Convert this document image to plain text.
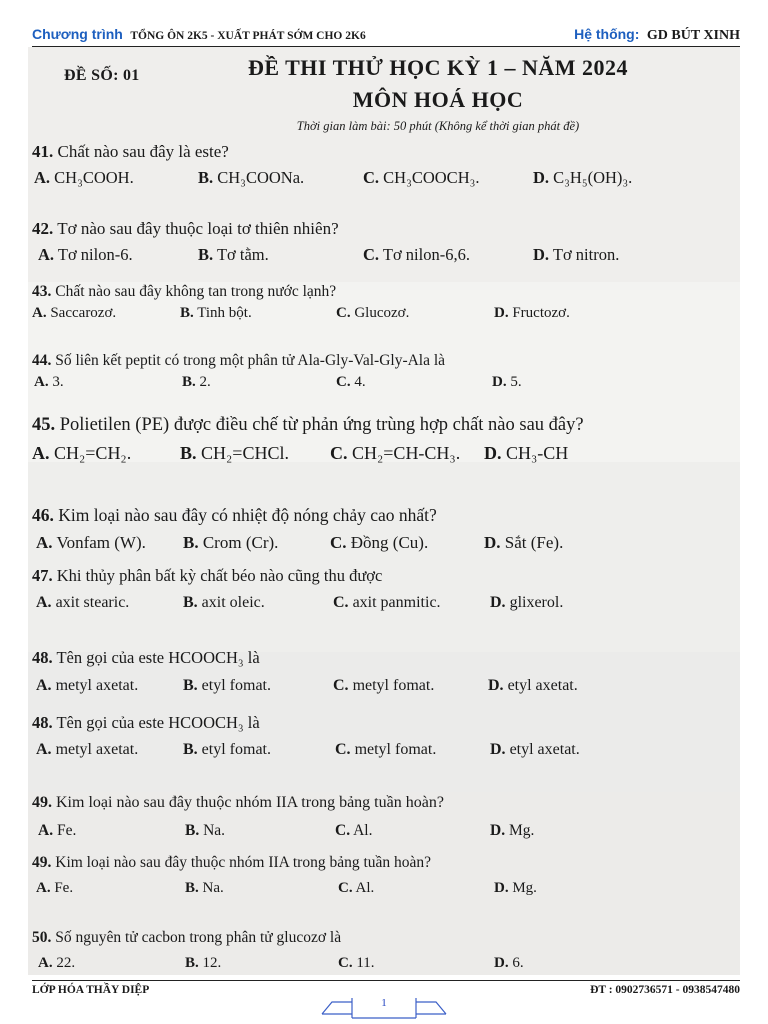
Chương trình TỔNG ÔN 2K5 - XUẤT PHÁT SỚM CHO 2K6	Hệ thống: GD BÚT XINH
ĐỀ SỐ: 01	ĐỀ THI THỬ HỌC KỲ 1 – NĂM 2024
MÔN HOÁ HỌC
Thời gian làm bài: 50 phút (Không kể thời gian phát đề)
41. Chất nào sau đây là este?
A. CH₃COOH.	B. CH₃COONa.	C. CH₃COOCH₃.	D. C₃H₅(OH)₃.
42. Tơ nào sau đây thuộc loại tơ thiên nhiên?
A. Tơ nilon-6.	B. Tơ tằm.	C. Tơ nilon-6,6.	D. Tơ nitron.
43. Chất nào sau đây không tan trong nước lạnh?
A. Saccarozơ.	B. Tinh bột.	C. Glucozơ.	D. Fructozơ.
44. Số liên kết peptit có trong một phân tử Ala-Gly-Val-Gly-Ala là
A. 3.	B. 2.	C. 4.	D. 5.
45. Polietilen (PE) được điều chế từ phản ứng trùng hợp chất nào sau đây?
A. CH₂=CH₂.	B. CH₂=CHCl. C. CH₂=CH-CH₃. D. CH₃-CH
46. Kim loại nào sau đây có nhiệt độ nóng chảy cao nhất?
A. Vonfam (W). B. Crom (Cr).	C. Đồng (Cu).	D. Sắt (Fe).
47. Khi thủy phân bất kỳ chất béo nào cũng thu được
A. axit stearic.	B. axit oleic.	C. axit panmitic.	D. glixerol.
48. Tên gọi của este HCOOCH₃ là
A. metyl axetat.	B. etyl fomat.	C. metyl fomat.	D. etyl axetat.
48. Tên gọi của este HCOOCH₃ là
A. metyl axetat.	B. etyl fomat.	C. metyl fomat.	D. etyl axetat.
49. Kim loại nào sau đây thuộc nhóm IIA trong bảng tuần hoàn?
A. Fe.	B. Na.	C. Al.	D. Mg.
49. Kim loại nào sau đây thuộc nhóm IIA trong bảng tuần hoàn?
A. Fe.	B. Na.	C. Al.	D. Mg.
50. Số nguyên tử cacbon trong phân tử glucozơ là
A. 22.	B. 12.	C. 11.	D. 6.
LỚP HÓA THẦY DIỆP	ĐT : 0902736571 - 0938547480
1
